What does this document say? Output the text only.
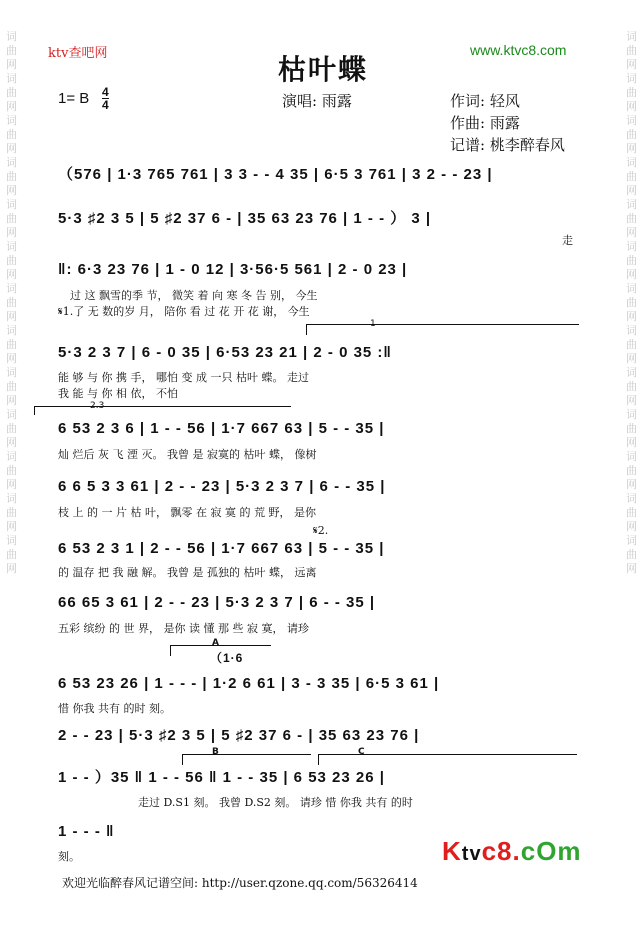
词曲网词曲网词曲网词曲网词曲网词曲网词曲网词曲网词曲网词曲网词曲网词曲网词曲网
词曲网词曲网词曲网词曲网词曲网词曲网词曲网词曲网词曲网词曲网词曲网词曲网词曲网
ktv查吧网	www.ktvc8.com
枯叶蝶
1= B 4
4	演唱: 雨露	作词: 轻风
作曲: 雨露
记谱: 桃李醉春风
1
2.3
𝄋2.
A
（1·6
B	C
（576 | 1·3 765 761 | 3 3 - - 4 35 | 6·5 3 761 | 3 2 - - 23 |
5·3 ♯2 3 5 | 5 ♯2 37 6 - | 35 63 23 76 | 1 - - ） 3 |
走
‖: 6·3 23 76 | 1 - 0 12 | 3·56·5 561 | 2 - 0 23 |
过 这 飘雪的季 节， 微笑 着 向 寒 冬 告 别， 今生
𝄋1.了 无 数的岁 月， 陪你 看 过 花 开 花 谢， 今生
5·3 2 3 7 | 6 - 0 35 | 6·53 23 21 | 2 - 0 35 :‖
能 够 与 你 携 手， 哪怕 变 成 一只 枯叶 蝶。 走过
我 能 与 你 相 依， 不怕
6 53 2 3 6 | 1 - - 56 | 1·7 667 63 | 5 - - 35 |
灿 烂后 灰 飞 湮 灭。 我曾 是 寂寞的 枯叶 蝶， 像树
6 6 5 3 3 61 | 2 - - 23 | 5·3 2 3 7 | 6 - - 35 |
枝 上 的 一 片 枯 叶， 飘零 在 寂 寞 的 荒 野， 是你
6 53 2 3 1 | 2 - - 56 | 1·7 667 63 | 5 - - 35 |
的 温存 把 我 融 解。 我曾 是 孤独的 枯叶 蝶， 远离
66 65 3 61 | 2 - - 23 | 5·3 2 3 7 | 6 - - 35 |
五彩 缤纷 的 世 界， 是你 读 懂 那 些 寂 寞， 请珍
6 53 23 26 | 1 - - - | 1·2 6 61 | 3 - 3 35 | 6·5 3 61 |
惜 你我 共有 的时 刻。
2 - - 23 | 5·3 ♯2 3 5 | 5 ♯2 37 6 - | 35 63 23 76 |
1 - - ）35 ‖ 1 - - 56 ‖ 1 - - 35 | 6 53 23 26 |
走过 D.S1 刻。 我曾 D.S2 刻。 请珍 惜 你我 共有 的时
1 - - - ‖
刻。	Ktvc8.cOm
欢迎光临醉春风记谱空间: http://user.qzone.qq.com/56326414
